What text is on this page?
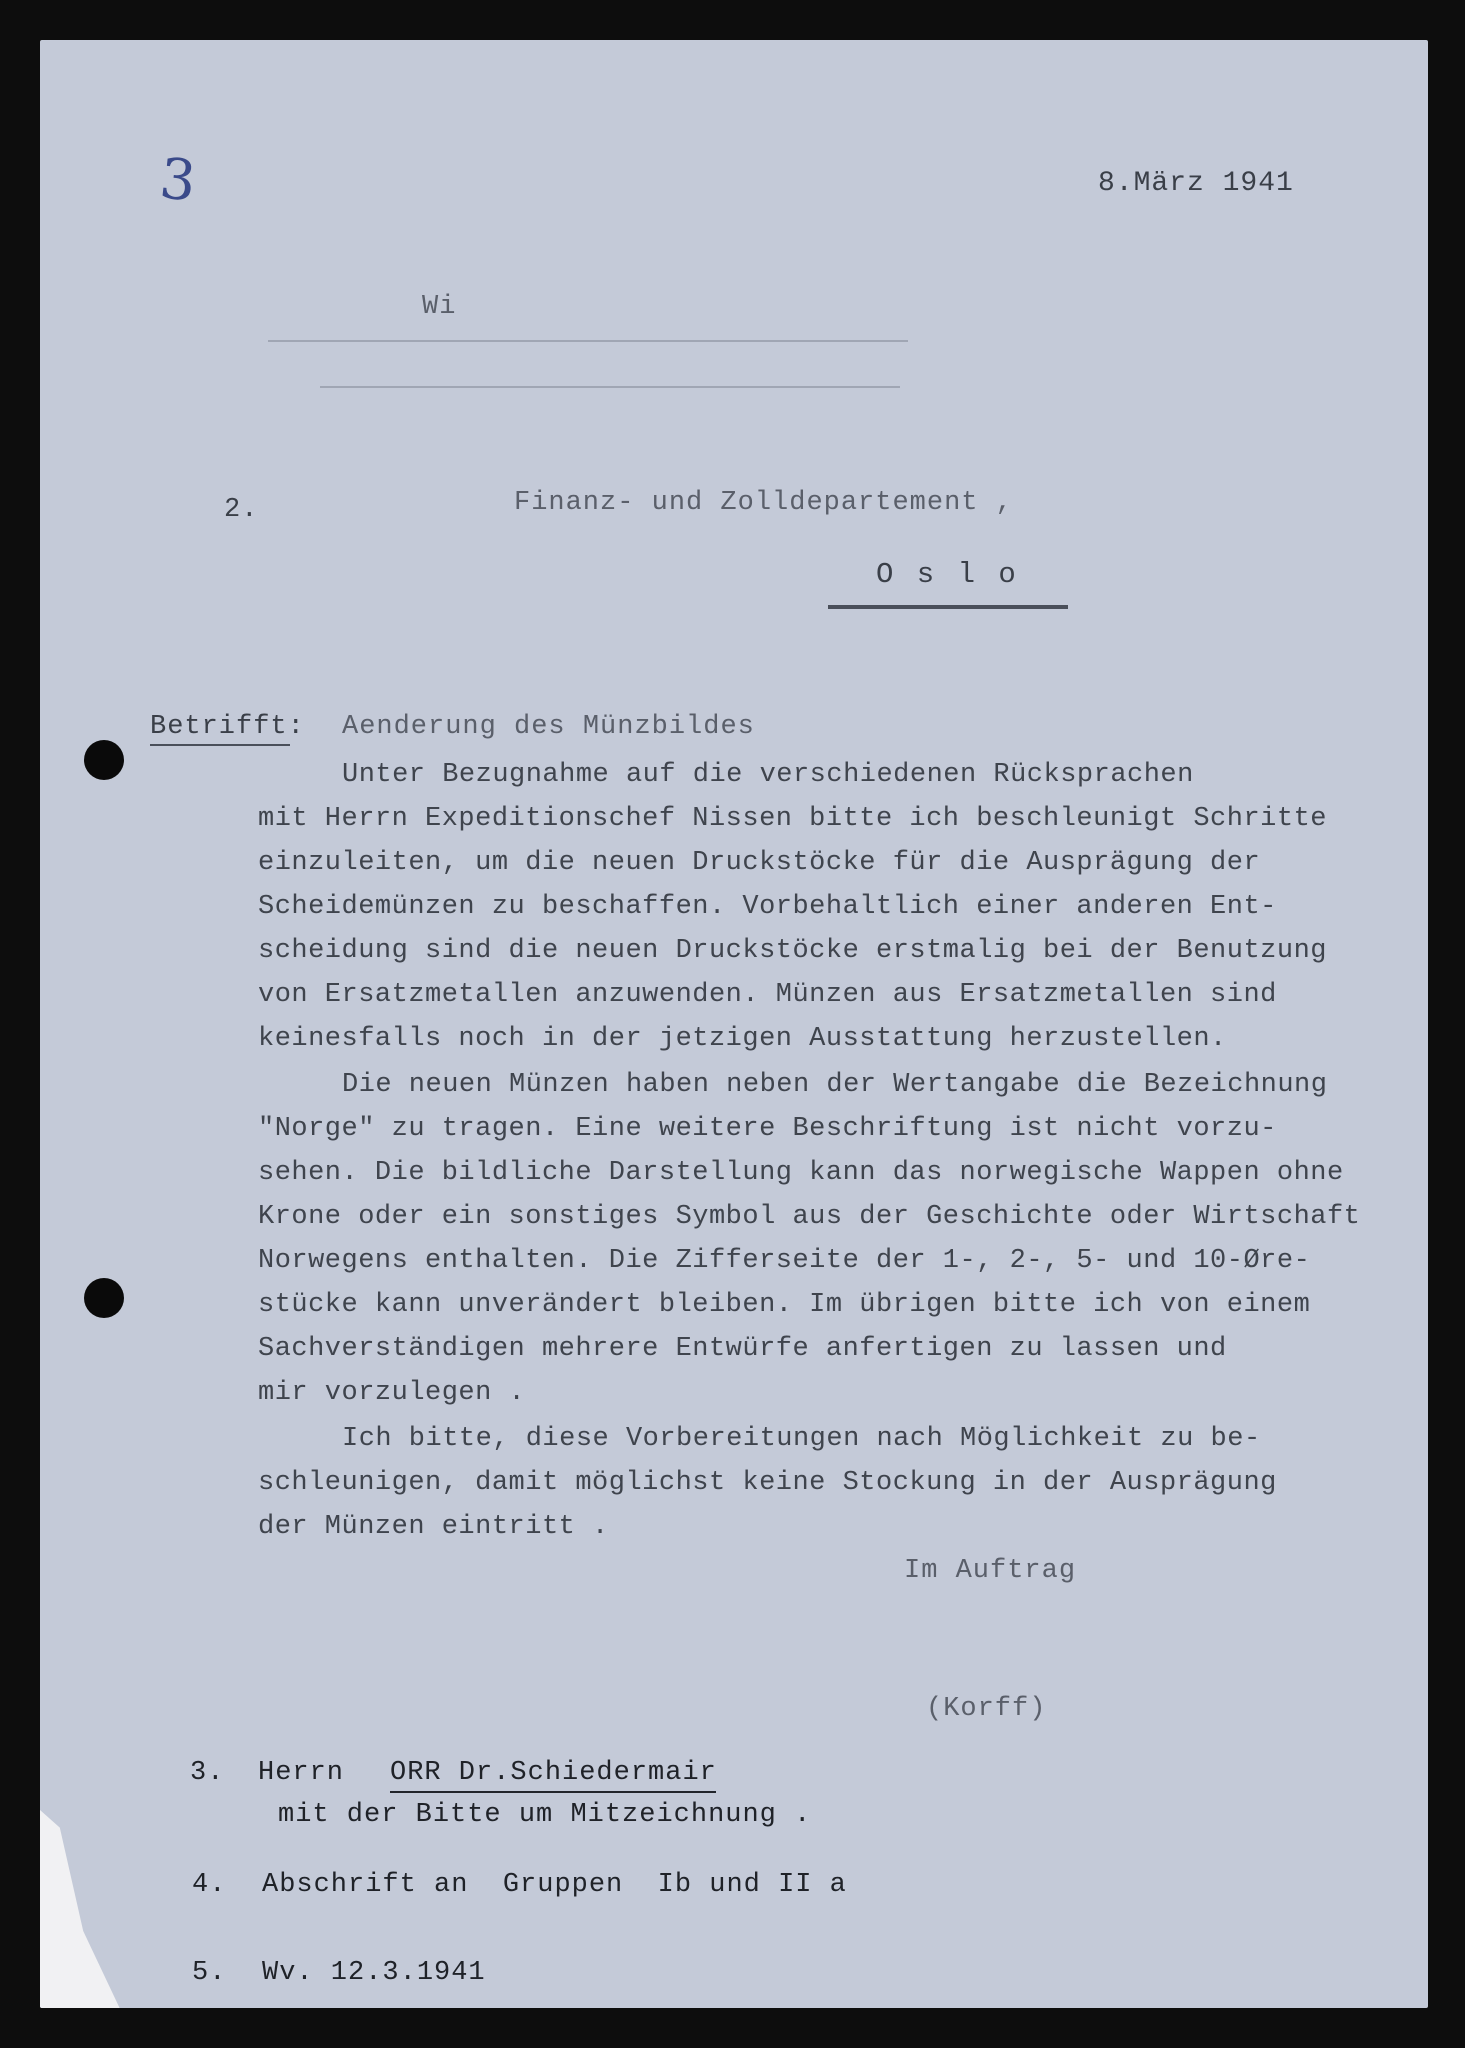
3	8.März 1941
Wi
2.	Finanz- und Zolldepartement ,
O s l o
Betrifft: Aenderung des Münzbildes
Unter Bezugnahme auf die verschiedenen Rücksprachen
mit Herrn Expeditionschef Nissen bitte ich beschleunigt Schritte
einzuleiten, um die neuen Druckstöcke für die Ausprägung der
Scheidemünzen zu beschaffen. Vorbehaltlich einer anderen Ent-
scheidung sind die neuen Druckstöcke erstmalig bei der Benutzung
von Ersatzmetallen anzuwenden. Münzen aus Ersatzmetallen sind
keinesfalls noch in der jetzigen Ausstattung herzustellen.
Die neuen Münzen haben neben der Wertangabe die Bezeichnung
"Norge" zu tragen. Eine weitere Beschriftung ist nicht vorzu-
sehen. Die bildliche Darstellung kann das norwegische Wappen ohne
Krone oder ein sonstiges Symbol aus der Geschichte oder Wirtschaft
Norwegens enthalten. Die Zifferseite der 1-, 2-, 5- und 10-Øre-
stücke kann unverändert bleiben. Im übrigen bitte ich von einem
Sachverständigen mehrere Entwürfe anfertigen zu lassen und
mir vorzulegen .
Ich bitte, diese Vorbereitungen nach Möglichkeit zu be-
schleunigen, damit möglichst keine Stockung in der Ausprägung
der Münzen eintritt .
Im Auftrag
(Korff)
3. Herrn ORR Dr.Schiedermair
mit der Bitte um Mitzeichnung .
4. Abschrift an  Gruppen  Ib und II a
5. Wv. 12.3.1941
